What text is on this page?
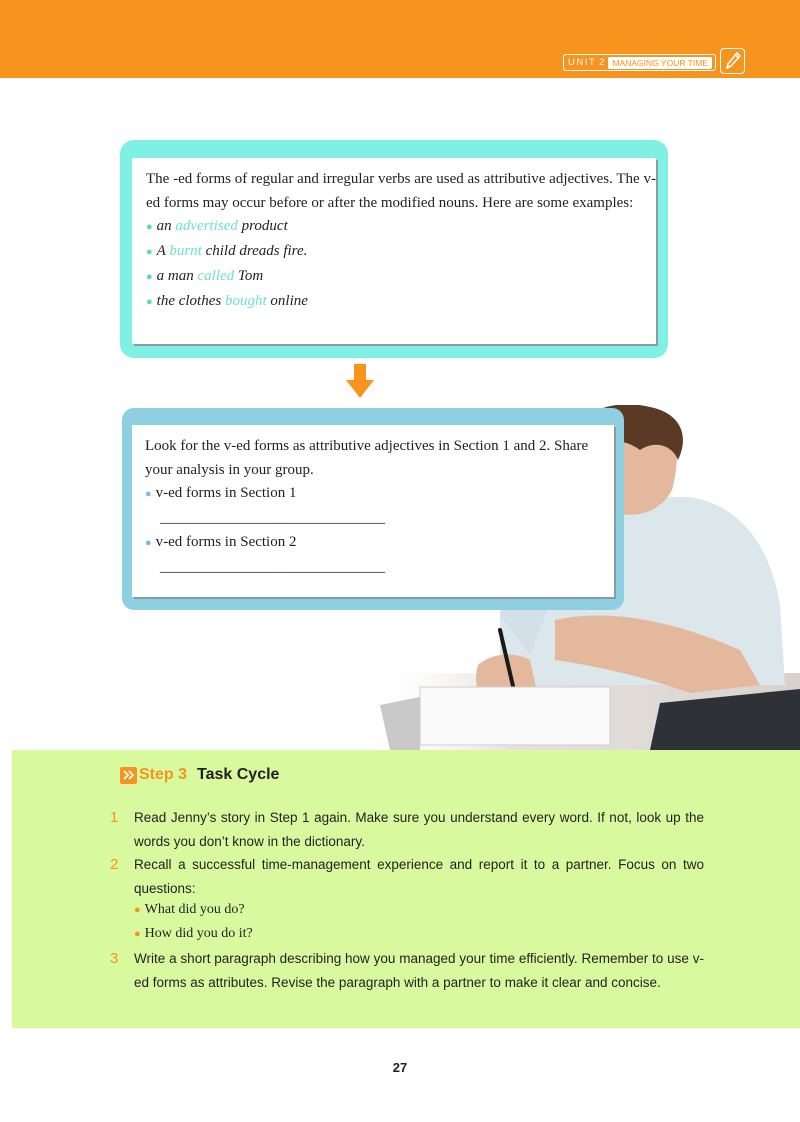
UNIT 2 MANAGING YOUR TIME

The -ed forms of regular and irregular verbs are used as attributive adjectives. The v-ed forms may occur before or after the modified nouns. Here are some examples:

● an advertised product
● A burnt child dreads fire.
● a man called Tom
● the clothes bought online

Look for the v-ed forms as attributive adjectives in Section 1 and 2. Share your analysis in your group.

● v-ed forms in Section 1
______________________________
● v-ed forms in Section 2
______________________________
Step 3 Task Cycle
1 Read Jenny’s story in Step 1 again. Make sure you understand every word. If not, look up the words you don’t know in the dictionary.
2 Recall a successful time-management experience and report it to a partner. Focus on two questions:
● What did you do?
● How did you do it?
3 Write a short paragraph describing how you managed your time efficiently. Remember to use v-ed forms as attributes. Revise the paragraph with a partner to make it clear and concise.
27
